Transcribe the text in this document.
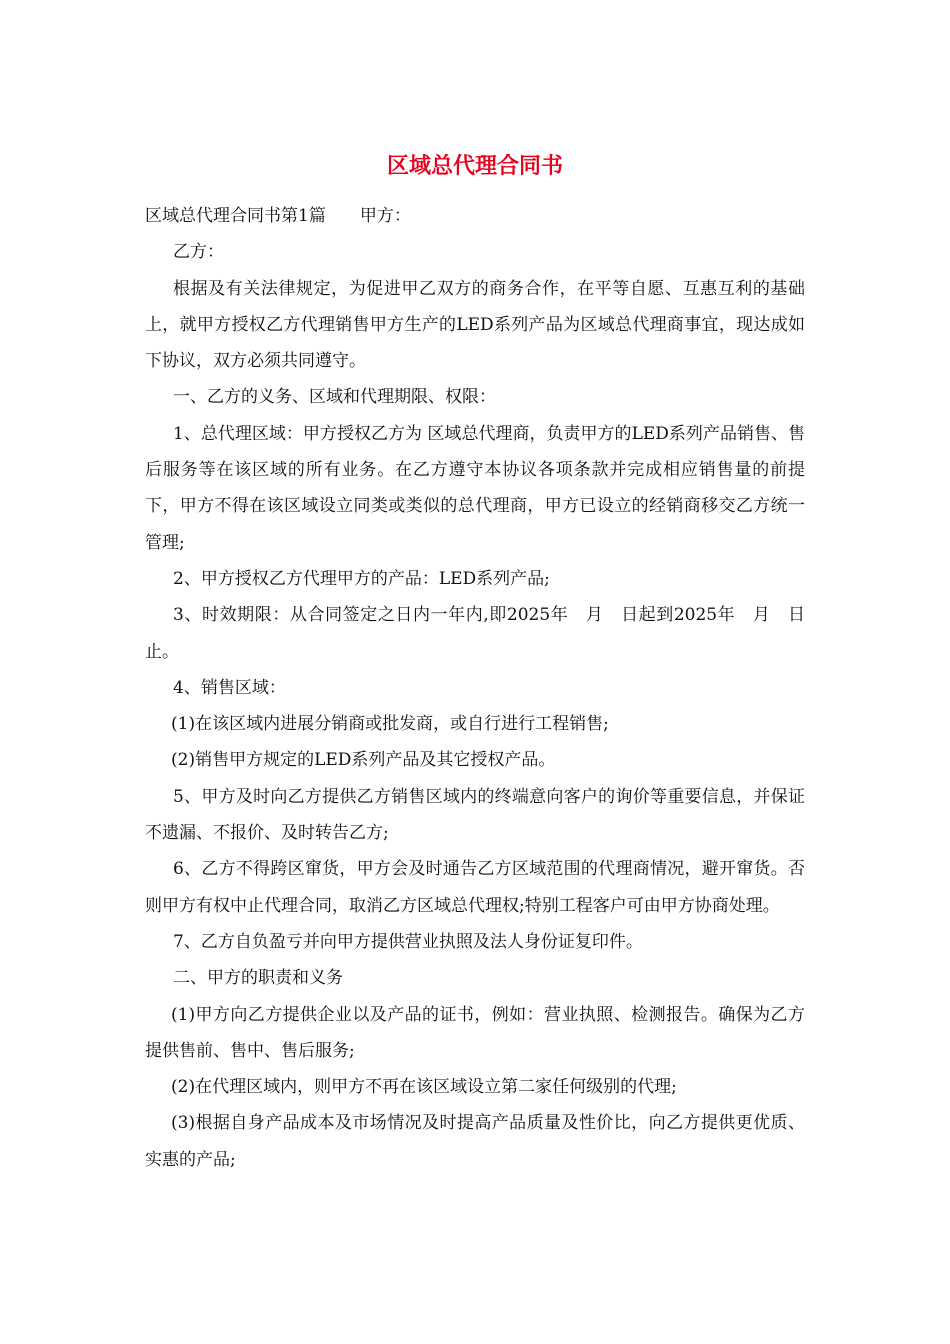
区域总代理合同书

区域总代理合同书第1篇　　甲方：

乙方：

根据及有关法律规定，为促进甲乙双方的商务合作，在平等自愿、互惠互利的基础上，就甲方授权乙方代理销售甲方生产的LED系列产品为区域总代理商事宜，现达成如下协议，双方必须共同遵守。

一、乙方的义务、区域和代理期限、权限：

1、总代理区域：甲方授权乙方为 区域总代理商，负责甲方的LED系列产品销售、售后服务等在该区域的所有业务。在乙方遵守本协议各项条款并完成相应销售量的前提下，甲方不得在该区域设立同类或类似的总代理商，甲方已设立的经销商移交乙方统一管理;

2、甲方授权乙方代理甲方的产品：LED系列产品;

3、时效期限：从合同签定之日内一年内,即2025年　月　日起到2025年　月　日止。

4、销售区域：

(1)在该区域内进展分销商或批发商，或自行进行工程销售;

(2)销售甲方规定的LED系列产品及其它授权产品。

5、甲方及时向乙方提供乙方销售区域内的终端意向客户的询价等重要信息，并保证不遗漏、不报价、及时转告乙方;

6、乙方不得跨区窜货，甲方会及时通告乙方区域范围的代理商情况，避开窜货。否则甲方有权中止代理合同，取消乙方区域总代理权;特别工程客户可由甲方协商处理。

7、乙方自负盈亏并向甲方提供营业执照及法人身份证复印件。

二、甲方的职责和义务

(1)甲方向乙方提供企业以及产品的证书，例如：营业执照、检测报告。确保为乙方提供售前、售中、售后服务;

(2)在代理区域内，则甲方不再在该区域设立第二家任何级别的代理;

(3)根据自身产品成本及市场情况及时提高产品质量及性价比，向乙方提供更优质、实惠的产品;
